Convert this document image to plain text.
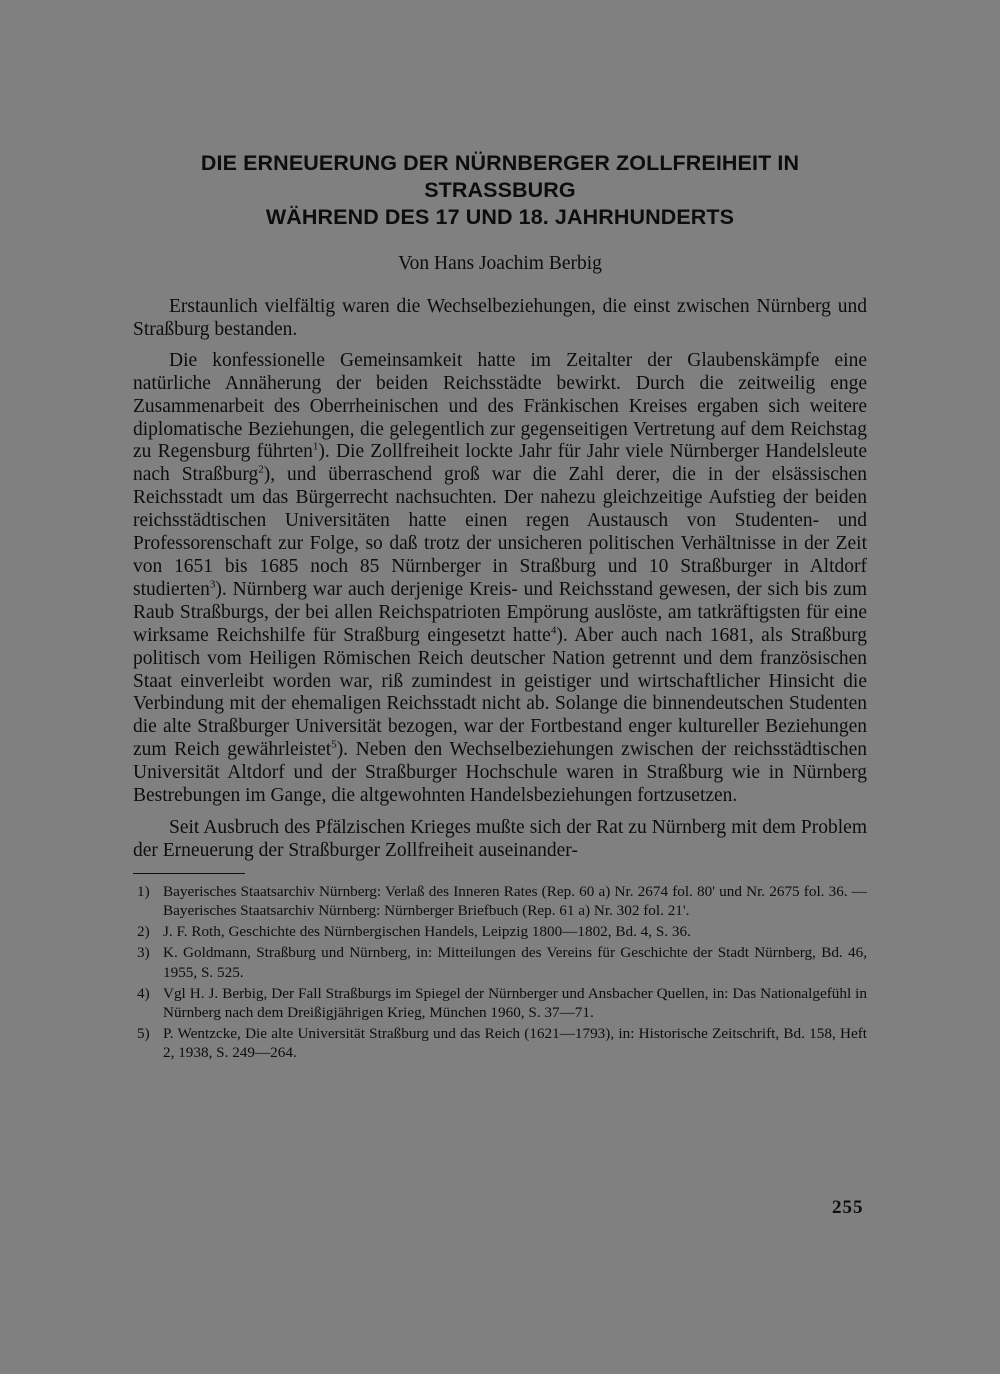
DIE ERNEUERUNG DER NÜRNBERGER ZOLLFREIHEIT IN STRASSBURG
WÄHREND DES 17 UND 18. JAHRHUNDERTS
Von Hans Joachim Berbig

Erstaunlich vielfältig waren die Wechselbeziehungen, die einst zwischen Nürnberg und Straßburg bestanden.

Die konfessionelle Gemeinsamkeit hatte im Zeitalter der Glaubenskämpfe eine natürliche Annäherung der beiden Reichsstädte bewirkt. Durch die zeitweilig enge Zusammenarbeit des Oberrheinischen und des Fränkischen Kreises ergaben sich weitere diplomatische Beziehungen, die gelegentlich zur gegenseitigen Vertretung auf dem Reichstag zu Regensburg führten$^1$). Die Zollfreiheit lockte Jahr für Jahr viele Nürnberger Handelsleute nach Straßburg$^2$), und überraschend groß war die Zahl derer, die in der elsässischen Reichsstadt um das Bürgerrecht nachsuchten. Der nahezu gleichzeitige Aufstieg der beiden reichsstädtischen Universitäten hatte einen regen Austausch von Studenten- und Professorenschaft zur Folge, so daß trotz der unsicheren politischen Verhältnisse in der Zeit von 1651 bis 1685 noch 85 Nürnberger in Straßburg und 10 Straßburger in Altdorf studierten$^3$). Nürnberg war auch derjenige Kreis- und Reichsstand gewesen, der sich bis zum Raub Straßburgs, der bei allen Reichspatrioten Empörung auslöste, am tatkräftigsten für eine wirksame Reichshilfe für Straßburg eingesetzt hatte$^4$). Aber auch nach 1681, als Straßburg politisch vom Heiligen Römischen Reich deutscher Nation getrennt und dem französischen Staat einverleibt worden war, riß zumindest in geistiger und wirtschaftlicher Hinsicht die Verbindung mit der ehemaligen Reichsstadt nicht ab. Solange die binnendeutschen Studenten die alte Straßburger Universität bezogen, war der Fortbestand enger kultureller Beziehungen zum Reich gewährleistet$^5$). Neben den Wechselbeziehungen zwischen der reichsstädtischen Universität Altdorf und der Straßburger Hochschule waren in Straßburg wie in Nürnberg Bestrebungen im Gange, die altgewohnten Handelsbeziehungen fortzusetzen.

Seit Ausbruch des Pfälzischen Krieges mußte sich der Rat zu Nürnberg mit dem Problem der Erneuerung der Straßburger Zollfreiheit auseinander-

1) Bayerisches Staatsarchiv Nürnberg: Verlaß des Inneren Rates (Rep. 60 a) Nr. 2674 fol. 80' und Nr. 2675 fol. 36. — Bayerisches Staatsarchiv Nürnberg: Nürnberger Briefbuch (Rep. 61 a) Nr. 302 fol. 21'.
2) J. F. Roth, Geschichte des Nürnbergischen Handels, Leipzig 1800—1802, Bd. 4, S. 36.
3) K. Goldmann, Straßburg und Nürnberg, in: Mitteilungen des Vereins für Geschichte der Stadt Nürnberg, Bd. 46, 1955, S. 525.
4) Vgl H. J. Berbig, Der Fall Straßburgs im Spiegel der Nürnberger und Ansbacher Quellen, in: Das Nationalgefühl in Nürnberg nach dem Dreißigjährigen Krieg, München 1960, S. 37—71.
5) P. Wentzcke, Die alte Universität Straßburg und das Reich (1621—1793), in: Historische Zeitschrift, Bd. 158, Heft 2, 1938, S. 249—264.
255
